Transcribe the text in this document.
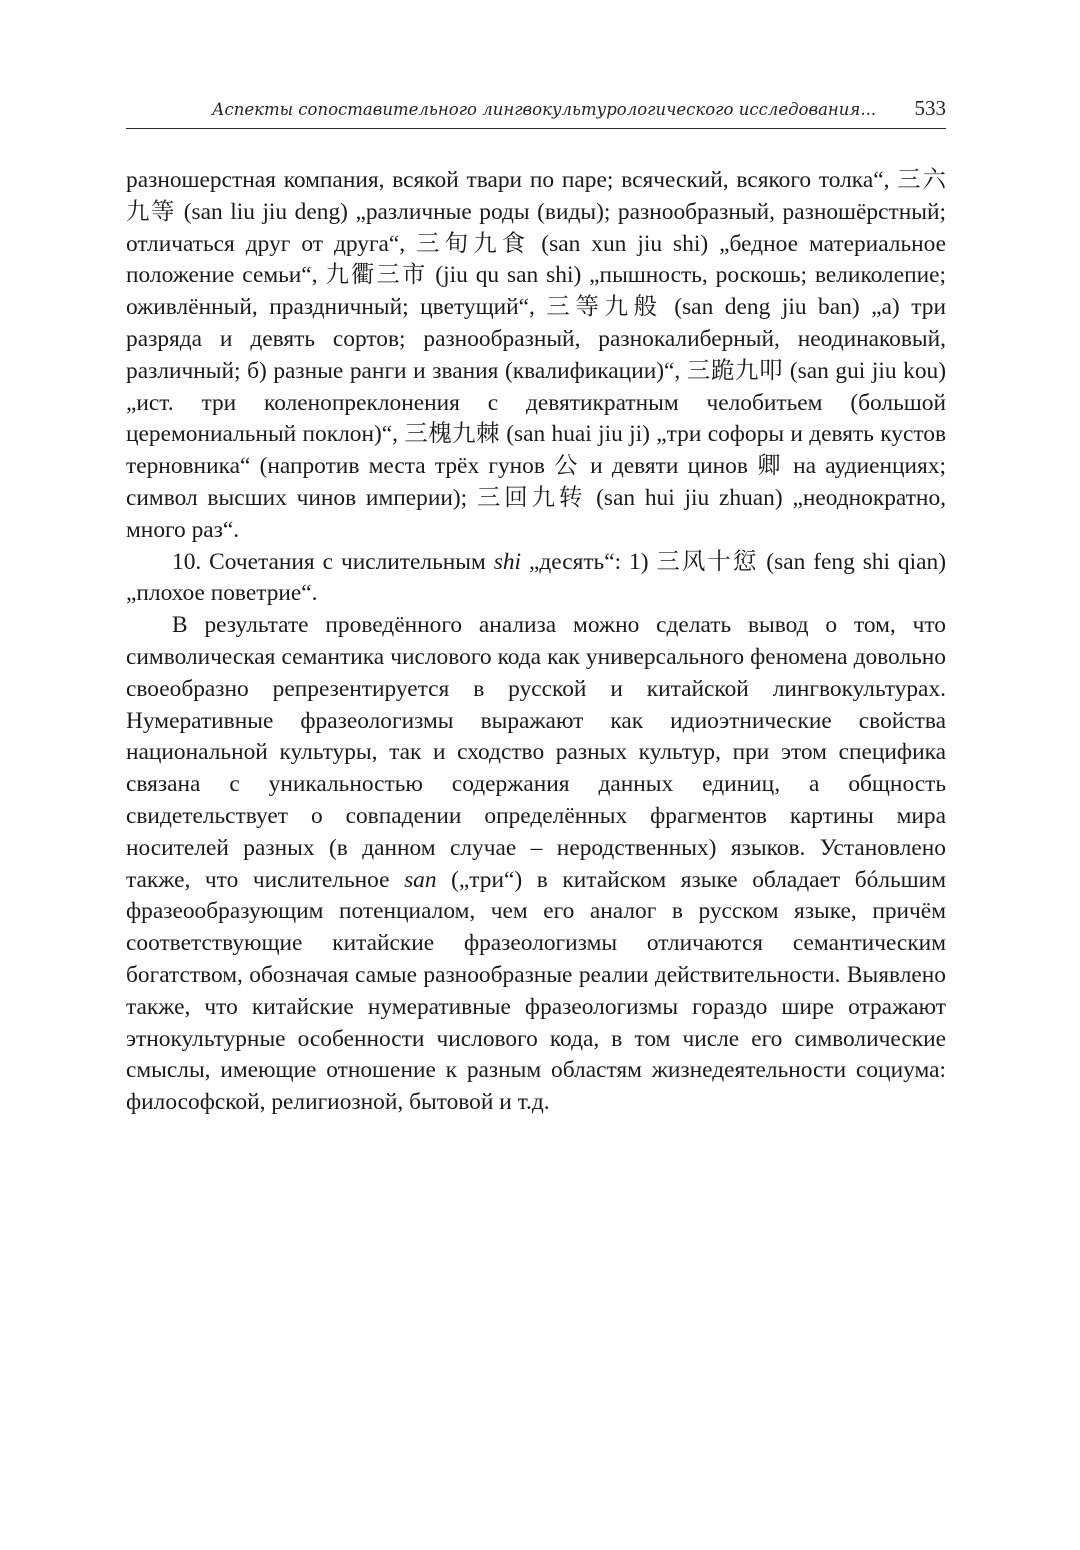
Аспекты сопоставительного лингвокультурологического исследования... 533

разношерстная компания, всякой твари по паре; всяческий, всякого толка“, 三六九等 (san liu jiu deng) „различные роды (виды); разнообразный, разношёрстный; отличаться друг от друга“, 三旬九食 (san xun jiu shi) „бедное материальное положение семьи“, 九衢三市 (jiu qu san shi) „пышность, роскошь; великолепие; оживлённый, праздничный; цветущий“, 三等九般 (san deng jiu ban) „а) три разряда и девять сортов; разнообразный, разнокалиберный, неодинаковый, различный; б) разные ранги и звания (квалификации)“, 三跪九叩 (san gui jiu kou) „ист. три коленопреклонения с девятикратным челобитьем (большой церемониальный поклон)“, 三槐九棘 (san huai jiu ji) „три софоры и девять кустов терновника“ (напротив места трёх гунов 公 и девяти цинов 卿 на аудиенциях; символ высших чинов империи); 三回九转 (san hui jiu zhuan) „неоднократно, много раз“.

10. Сочетания с числительным shi „десять“: 1) 三风十愆 (san feng shi qian) „плохое поветрие“.

В результате проведённого анализа можно сделать вывод о том, что символическая семантика числового кода как универсального феномена довольно своеобразно репрезентируется в русской и китайской лингвокультурах. Нумеративные фразеологизмы выражают как идиоэтнические свойства национальной культуры, так и сходство разных культур, при этом специфика связана с уникальностью содержания данных единиц, а общность свидетельствует о совпадении определённых фрагментов картины мира носителей разных (в данном случае – неродственных) языков. Установлено также, что числительное san („три“) в китайском языке обладает бóльшим фразеообразующим потенциалом, чем его аналог в русском языке, причём соответствующие китайские фразеологизмы отличаются семантическим богатством, обозначая самые разнообразные реалии действительности. Выявлено также, что китайские нумеративные фразеологизмы гораздо шире отражают этнокультурные особенности числового кода, в том числе его символические смыслы, имеющие отношение к разным областям жизнедеятельности социума: философской, религиозной, бытовой и т.д.
